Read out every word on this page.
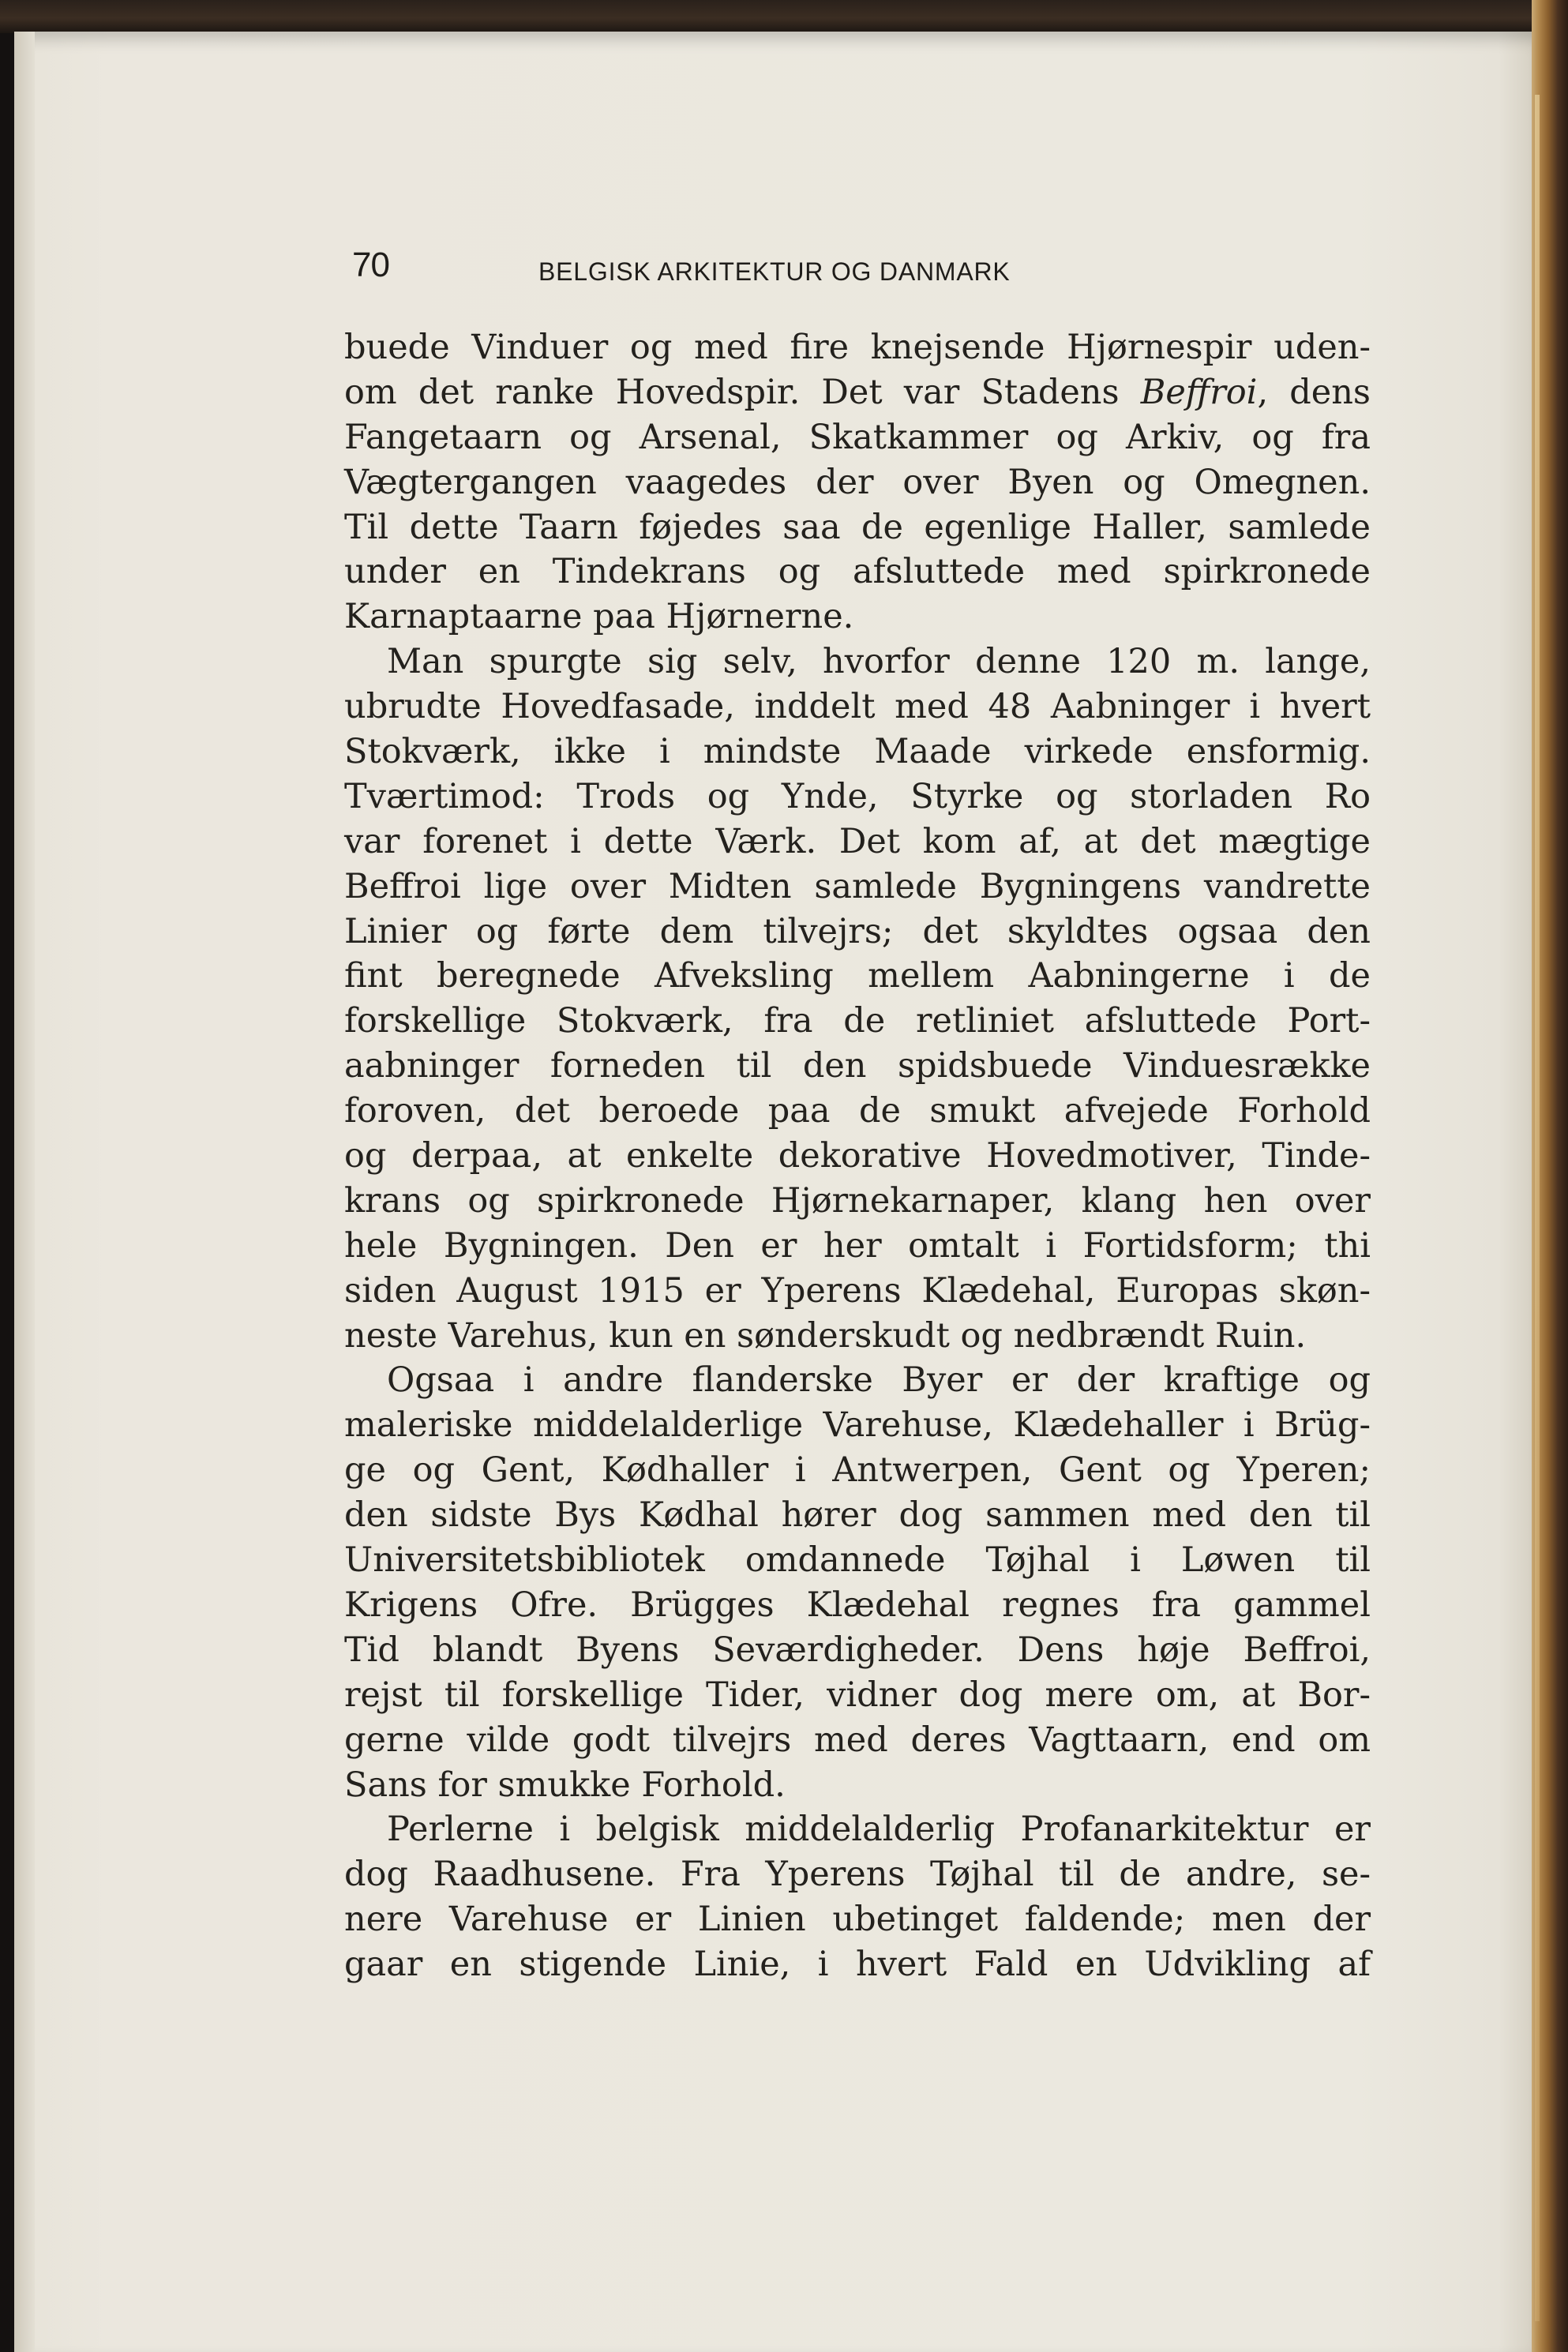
70	BELGISK ARKITEKTUR OG DANMARK
buede Vinduer og med fire knejsende Hjørnespir uden-
om det ranke Hovedspir. Det var Stadens Beffroi, dens
Fangetaarn og Arsenal, Skatkammer og Arkiv, og fra
Vægtergangen vaagedes der over Byen og Omegnen.
Til dette Taarn føjedes saa de egenlige Haller, samlede
under en Tindekrans og afsluttede med spirkronede
Karnaptaarne paa Hjørnerne.
Man spurgte sig selv, hvorfor denne 120 m. lange,
ubrudte Hovedfasade, inddelt med 48 Aabninger i hvert
Stokværk, ikke i mindste Maade virkede ensformig.
Tværtimod: Trods og Ynde, Styrke og storladen Ro
var forenet i dette Værk. Det kom af, at det mægtige
Beffroi lige over Midten samlede Bygningens vandrette
Linier og førte dem tilvejrs; det skyldtes ogsaa den
fint beregnede Afveksling mellem Aabningerne i de
forskellige Stokværk, fra de retliniet afsluttede Port-
aabninger forneden til den spidsbuede Vinduesrække
foroven, det beroede paa de smukt afvejede Forhold
og derpaa, at enkelte dekorative Hovedmotiver, Tinde-
krans og spirkronede Hjørnekarnaper, klang hen over
hele Bygningen. Den er her omtalt i Fortidsform; thi
siden August 1915 er Yperens Klædehal, Europas skøn-
neste Varehus, kun en sønderskudt og nedbrændt Ruin.
Ogsaa i andre flanderske Byer er der kraftige og
maleriske middelalderlige Varehuse, Klædehaller i Brüg-
ge og Gent, Kødhaller i Antwerpen, Gent og Yperen;
den sidste Bys Kødhal hører dog sammen med den til
Universitetsbibliotek omdannede Tøjhal i Løwen til
Krigens Ofre. Brügges Klædehal regnes fra gammel
Tid blandt Byens Seværdigheder. Dens høje Beffroi,
rejst til forskellige Tider, vidner dog mere om, at Bor-
gerne vilde godt tilvejrs med deres Vagttaarn, end om
Sans for smukke Forhold.
Perlerne i belgisk middelalderlig Profanarkitektur er
dog Raadhusene. Fra Yperens Tøjhal til de andre, se-
nere Varehuse er Linien ubetinget faldende; men der
gaar en stigende Linie, i hvert Fald en Udvikling af
